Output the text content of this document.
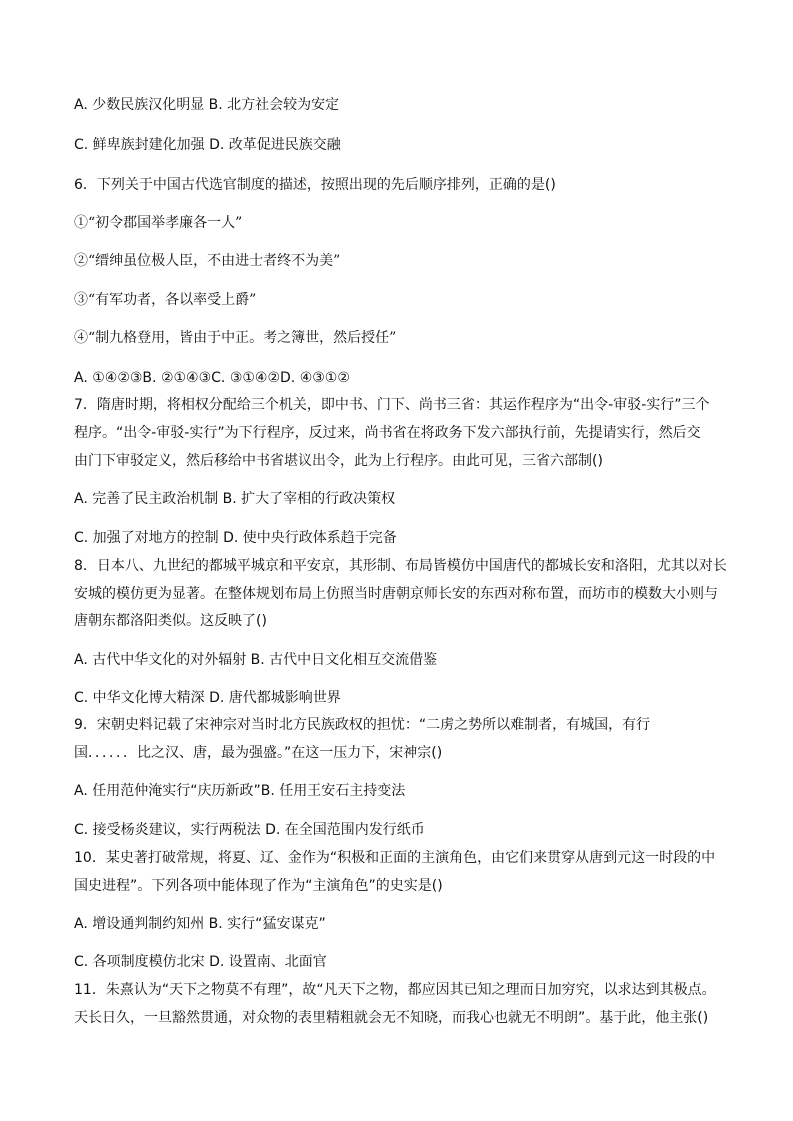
A. 少数民族汉化明显 B. 北方社会较为安定
C. 鲜卑族封建化加强 D. 改革促进民族交融
6．下列关于中国古代选官制度的描述，按照出现的先后顺序排列，正确的是()
①“初令郡国举孝廉各一人”
②“缙绅虽位极人臣，不由进士者终不为美”
③“有军功者，各以率受上爵”
④“制九格登用，皆由于中正。考之簿世，然后授任”
A. ①④②③B. ②①④③C. ③①④②D. ④③①②
7．隋唐时期，将相权分配给三个机关，即中书、门下、尚书三省：其运作程序为“出令-审驳-实行”三个
程序。“出令-审驳-实行”为下行程序，反过来，尚书省在将政务下发六部执行前，先提请实行，然后交
由门下审驳定义，然后移给中书省堪议出令，此为上行程序。由此可见，三省六部制()
A. 完善了民主政治机制 B. 扩大了宰相的行政决策权
C. 加强了对地方的控制 D. 使中央行政体系趋于完备
8．日本八、九世纪的都城平城京和平安京，其形制、布局皆模仿中国唐代的都城长安和洛阳，尤其以对长
安城的模仿更为显著。在整体规划布局上仿照当时唐朝京师长安的东西对称布置，而坊市的模数大小则与
唐朝东都洛阳类似。这反映了()
A. 古代中华文化的对外辐射 B. 古代中日文化相互交流借鉴
C. 中华文化博大精深 D. 唐代都城影响世界
9．宋朝史料记载了宋神宗对当时北方民族政权的担忧：“二虏之势所以难制者，有城国，有行
国．．．．．．比之汉、唐，最为强盛。”在这一压力下，宋神宗()
A. 任用范仲淹实行“庆历新政”B. 任用王安石主持变法
C. 接受杨炎建议，实行两税法 D. 在全国范围内发行纸币
10．某史著打破常规，将夏、辽、金作为“积极和正面的主演角色，由它们来贯穿从唐到元这一时段的中
国史进程”。下列各项中能体现了作为“主演角色”的史实是()
A. 增设通判制约知州 B. 实行“猛安谋克”
C. 各项制度模仿北宋 D. 设置南、北面官
11．朱熹认为“天下之物莫不有理”，故“凡天下之物，都应因其已知之理而日加穷究，以求达到其极点。
天长日久，一旦豁然贯通，对众物的表里精粗就会无不知晓，而我心也就无不明朗”。基于此，他主张()
